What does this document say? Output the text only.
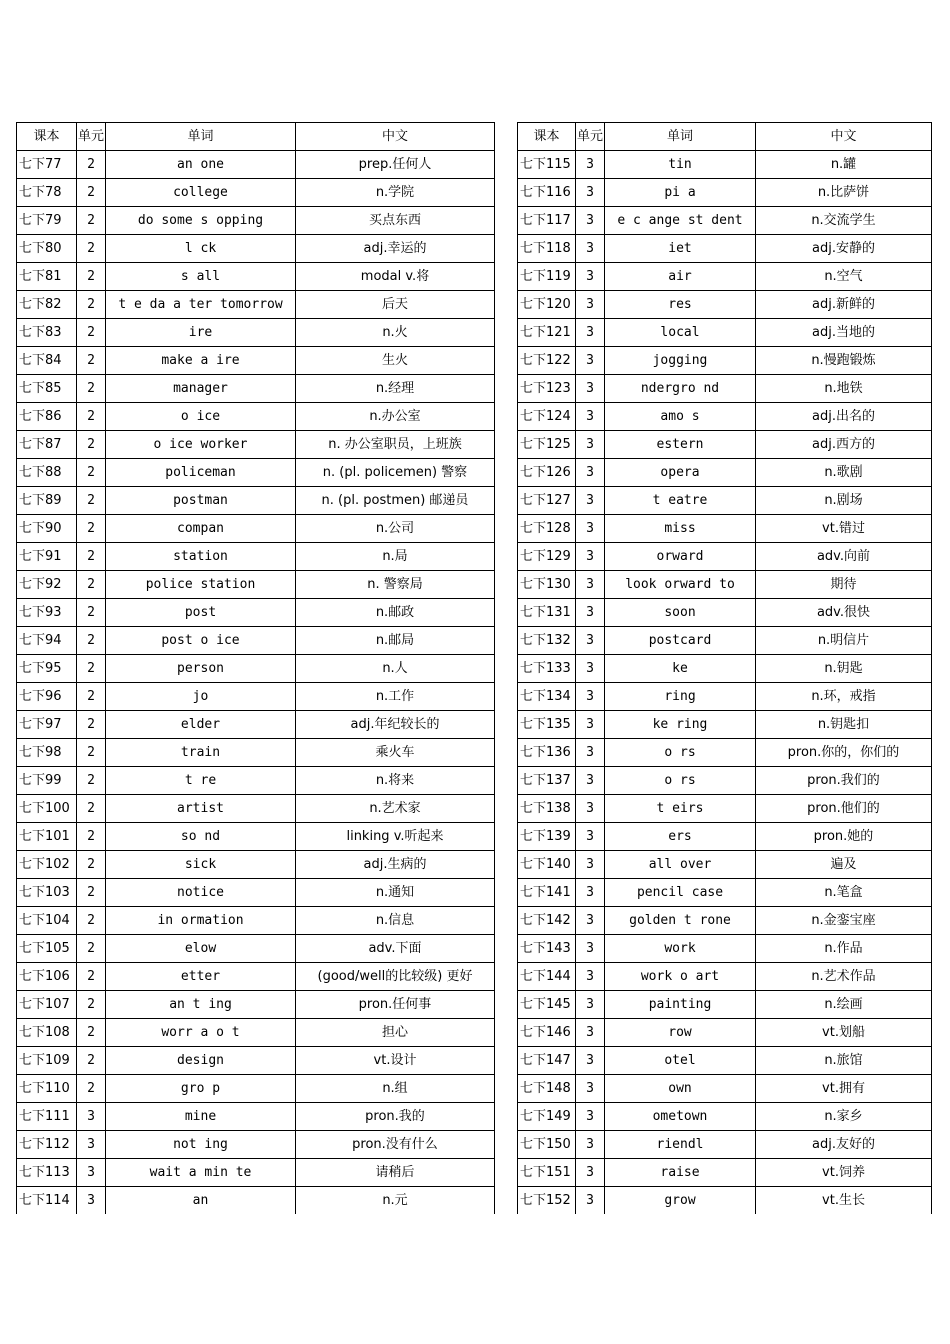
课本	单元	单词	中文
七下77	2	an one	prep.任何人
七下78	2	college	n.学院
七下79	2	do some s opping	买点东西
七下80	2	l ck	adj.幸运的
七下81	2	s all	modal v.将
七下82	2	t e da a ter tomorrow	后天
七下83	2	ire	n.火
七下84	2	make a ire	生火
七下85	2	manager	n.经理
七下86	2	o ice	n.办公室
七下87	2	o ice worker	n. 办公室职员，上班族
七下88	2	policeman	n. (pl. policemen) 警察
七下89	2	postman	n. (pl. postmen) 邮递员
七下90	2	compan	n.公司
七下91	2	station	n.局
七下92	2	police station	n. 警察局
七下93	2	post	n.邮政
七下94	2	post o ice	n.邮局
七下95	2	person	n.人
七下96	2	jo	n.工作
七下97	2	elder	adj.年纪较长的
七下98	2	train	乘火车
七下99	2	t re	n.将来
七下100	2	artist	n.艺术家
七下101	2	so nd	linking v.听起来
七下102	2	sick	adj.生病的
七下103	2	notice	n.通知
七下104	2	in ormation	n.信息
七下105	2	elow	adv.下面
七下106	2	etter	(good/well的比较级) 更好
七下107	2	an t ing	pron.任何事
七下108	2	worr a o t	担心
七下109	2	design	vt.设计
七下110	2	gro p	n.组
七下111	3	mine	pron.我的
七下112	3	not ing	pron.没有什么
七下113	3	wait a min te	请稍后
七下114	3	an	n.元
课本	单元	单词	中文
七下115	3	tin	n.罐
七下116	3	pi a	n.比萨饼
七下117	3	e c ange st dent	n.交流学生
七下118	3	iet	adj.安静的
七下119	3	air	n.空气
七下120	3	res	adj.新鲜的
七下121	3	local	adj.当地的
七下122	3	jogging	n.慢跑锻炼
七下123	3	ndergro nd	n.地铁
七下124	3	amo s	adj.出名的
七下125	3	estern	adj.西方的
七下126	3	opera	n.歌剧
七下127	3	t eatre	n.剧场
七下128	3	miss	vt.错过
七下129	3	orward	adv.向前
七下130	3	look orward to	期待
七下131	3	soon	adv.很快
七下132	3	postcard	n.明信片
七下133	3	ke	n.钥匙
七下134	3	ring	n.环，戒指
七下135	3	ke ring	n.钥匙扣
七下136	3	o rs	pron.你的，你们的
七下137	3	o rs	pron.我们的
七下138	3	t eirs	pron.他们的
七下139	3	ers	pron.她的
七下140	3	all over	遍及
七下141	3	pencil case	n.笔盒
七下142	3	golden t rone	n.金銮宝座
七下143	3	work	n.作品
七下144	3	work o art	n.艺术作品
七下145	3	painting	n.绘画
七下146	3	row	vt.划船
七下147	3	otel	n.旅馆
七下148	3	own	vt.拥有
七下149	3	ometown	n.家乡
七下150	3	riendl	adj.友好的
七下151	3	raise	vt.饲养
七下152	3	grow	vt.生长
